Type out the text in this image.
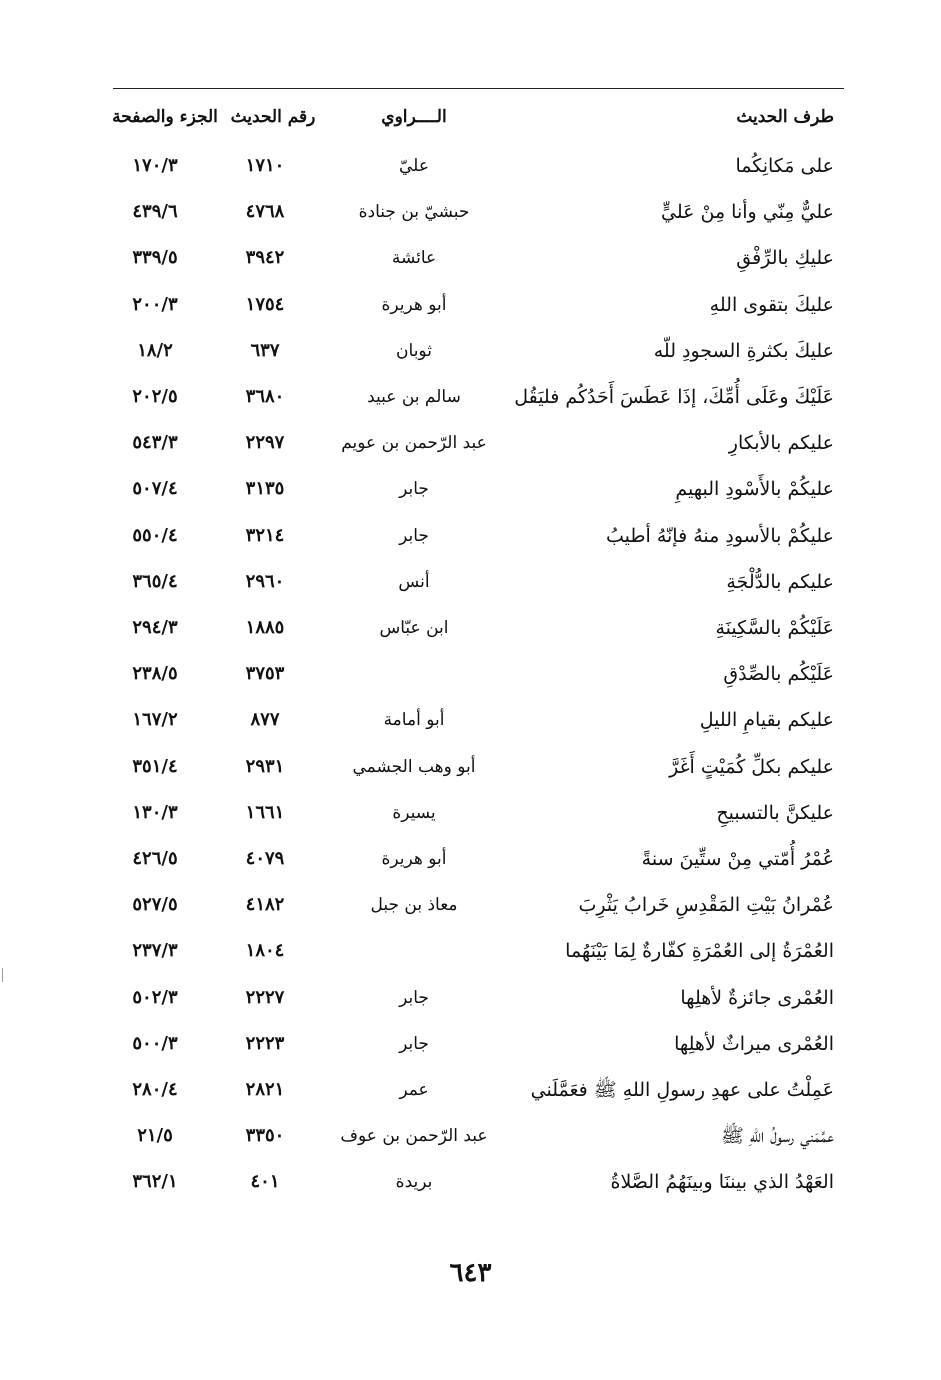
طرف الحديث
الــــراوي
رقم الحديث
الجزء والصفحة
على مَكانِكُما
عليّ
١٧١٠
١٧٠/٣
عليٌّ مِنّي وأنا مِنْ عَليٍّ
حبشيّ بن جنادة
٤٧٦٨
٤٣٩/٦
عليكِ بالرِّفْقِ
عائشة
٣٩٤٢
٣٣٩/٥
عليكَ بتقوى اللهِ
أبو هريرة
١٧٥٤
٢٠٠/٣
عليكَ بكثرةِ السجودِ للّه
ثوبان
٦٣٧
١٨/٢
عَلَيْكَ وعَلَى أُمِّكَ، إذَا عَطَسَ أَحَدُكُم فليَقُل
سالم بن عبيد
٣٦٨٠
٢٠٢/٥
عليكم بالأبكارِ
عبد الرّحمن بن عويم
٢٢٩٧
٥٤٣/٣
عليكُمْ بالأَسْودِ البهيمِ
جابر
٣١٣٥
٥٠٧/٤
عليكُمْ بالأسودِ منهُ فإنّهُ أطيبُ
جابر
٣٢١٤
٥٥٠/٤
عليكم بالدُّلْجَةِ
أنس
٢٩٦٠
٣٦٥/٤
عَلَيْكُمْ بالسَّكِينَةِ
ابن عبّاس
١٨٨٥
٢٩٤/٣
عَلَيْكُم بالصِّدْقِ
٣٧٥٣
٢٣٨/٥
عليكم بقيامِ الليلِ
أبو أمامة
٨٧٧
١٦٧/٢
عليكم بكلِّ كُمَيْتٍ أَغَرَّ
أبو وهب الجشمي
٢٩٣١
٣٥١/٤
عليكنَّ بالتسبيحِ
يسيرة
١٦٦١
١٣٠/٣
عُمْرُ أُمّتي مِنْ ستِّينَ سنةً
أبو هريرة
٤٠٧٩
٤٢٦/٥
عُمْرانُ بَيْتِ المَقْدِسِ خَرابُ يَثْرِبَ
معاذ بن جبل
٤١٨٢
٥٢٧/٥
العُمْرَةُ إلى العُمْرَةِ كفّارةٌ لِمَا بَيْنَهُما
١٨٠٤
٢٣٧/٣
العُمْرى جائزةٌ لأهلِها
جابر
٢٢٢٧
٥٠٢/٣
العُمْرى ميراثٌ لأهلِها
جابر
٢٢٢٣
٥٠٠/٣
عَمِلْتُ على عهدِ رسولِ اللهِ ﷺ فعَمَّلَني
عمر
٢٨٢١
٢٨٠/٤
عمَّمَني رسولُ اللهِ ﷺ
عبد الرّحمن بن عوف
٣٣٥٠
٢١/٥
العَهْدُ الذي بيننَا وبينَهُمُ الصَّلاةُ
بريدة
٤٠١
٣٦٢/١
٦٤٣
